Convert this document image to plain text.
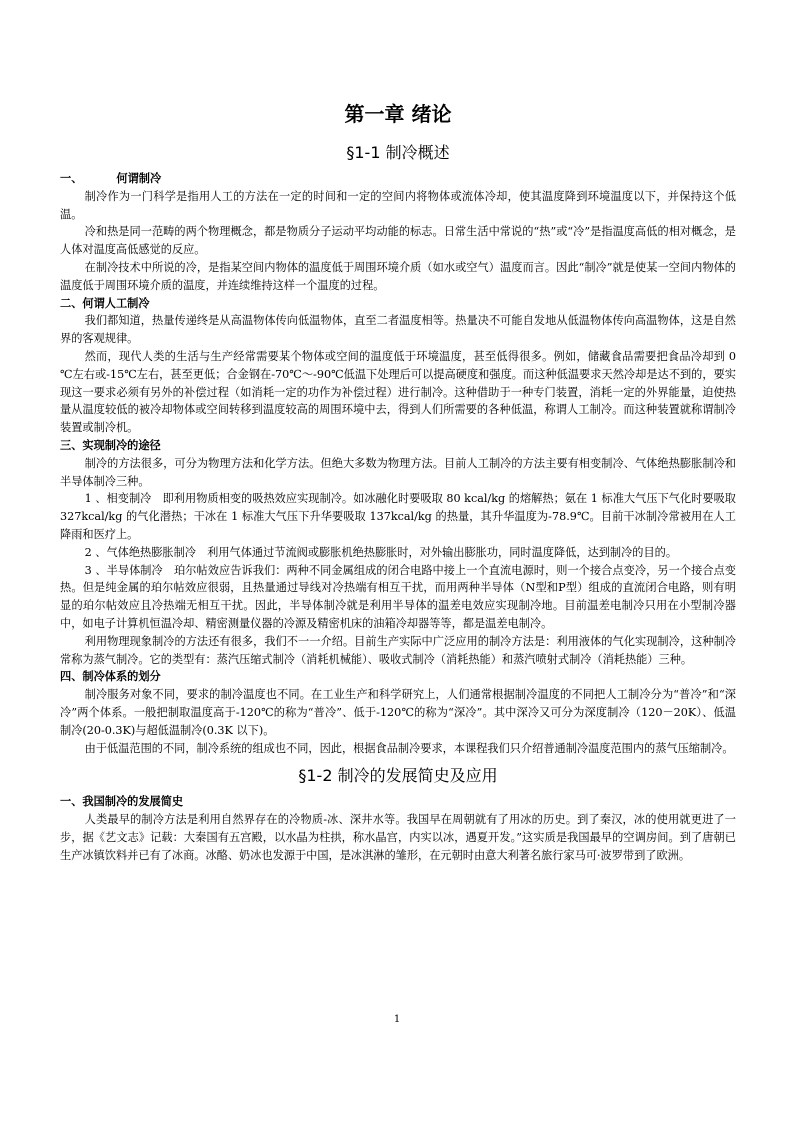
第一章 绪论
§1-1 制冷概述
一、	何谓制冷

制冷作为一门科学是指用人工的方法在一定的时间和一定的空间内将物体或流体冷却，使其温度降到环境温度以下，并保持这个低温。

冷和热是同一范畴的两个物理概念，都是物质分子运动平均动能的标志。日常生活中常说的“热”或“冷”是指温度高低的相对概念，是人体对温度高低感觉的反应。

在制冷技术中所说的冷，是指某空间内物体的温度低于周围环境介质（如水或空气）温度而言。因此“制冷”就是使某一空间内物体的温度低于周围环境介质的温度，并连续维持这样一个温度的过程。

二、何谓人工制冷

我们都知道，热量传递终是从高温物体传向低温物体，直至二者温度相等。热量决不可能自发地从低温物体传向高温物体，这是自然界的客观规律。

然而，现代人类的生活与生产经常需要某个物体或空间的温度低于环境温度，甚至低得很多。例如，储藏食品需要把食品冷却到 0 ℃左右或-15℃左右，甚至更低；合金钢在-70℃～-90℃低温下处理后可以提高硬度和强度。而这种低温要求天然冷却是达不到的，要实现这一要求必须有另外的补偿过程（如消耗一定的功作为补偿过程）进行制冷。这种借助于一种专门装置，消耗一定的外界能量，迫使热量从温度较低的被冷却物体或空间转移到温度较高的周围环境中去，得到人们所需要的各种低温，称谓人工制冷。而这种装置就称谓制冷装置或制冷机。

三、实现制冷的途径

制冷的方法很多，可分为物理方法和化学方法。但绝大多数为物理方法。目前人工制冷的方法主要有相变制冷、气体绝热膨胀制冷和半导体制冷三种。

1 、相变制冷　即利用物质相变的吸热效应实现制冷。如冰融化时要吸取 80 kcal/kg 的熔解热；氨在 1 标准大气压下气化时要吸取 327kcal/kg 的气化潜热；干冰在 1 标准大气压下升华要吸取 137kcal/kg 的热量，其升华温度为-78.9℃。目前干冰制冷常被用在人工降雨和医疗上。

2 、气体绝热膨胀制冷　利用气体通过节流阀或膨胀机绝热膨胀时，对外输出膨胀功，同时温度降低，达到制冷的目的。

3 、半导体制冷　珀尔帖效应告诉我们：两种不同金属组成的闭合电路中接上一个直流电源时，则一个接合点变冷，另一个接合点变热。但是纯金属的珀尔帖效应很弱，且热量通过导线对冷热端有相互干扰，而用两种半导体（N型和P型）组成的直流闭合电路，则有明显的珀尔帖效应且冷热端无相互干扰。因此，半导体制冷就是利用半导体的温差电效应实现制冷地。目前温差电制冷只用在小型制冷器中，如电子计算机恒温冷却、精密测量仪器的冷源及精密机床的油箱冷却器等等，都是温差电制冷。

利用物理现象制冷的方法还有很多，我们不一一介绍。目前生产实际中广泛应用的制冷方法是：利用液体的气化实现制冷，这种制冷常称为蒸气制冷。它的类型有：蒸汽压缩式制冷（消耗机械能）、吸收式制冷（消耗热能）和蒸汽喷射式制冷（消耗热能）三种。

四、制冷体系的划分

制冷服务对象不同，要求的制冷温度也不同。在工业生产和科学研究上，人们通常根据制冷温度的不同把人工制冷分为“普冷”和“深冷”两个体系。一般把制取温度高于-120℃的称为“普冷”、低于-120℃的称为“深冷”。其中深冷又可分为深度制冷（120－20K）、低温制冷(20-0.3K)与超低温制冷(0.3K 以下)。

由于低温范围的不同，制冷系统的组成也不同，因此，根据食品制冷要求，本课程我们只介绍普通制冷温度范围内的蒸气压缩制冷。

§1-2 制冷的发展简史及应用
一、我国制冷的发展简史

人类最早的制冷方法是利用自然界存在的冷物质-冰、深井水等。我国早在周朝就有了用冰的历史。到了秦汉，冰的使用就更进了一步，据《艺文志》记载：大秦国有五宫殿，以水晶为柱拱，称水晶宫，内实以冰，遇夏开发。”这实质是我国最早的空调房间。到了唐朝已生产冰镇饮料并已有了冰商。冰酪、奶冰也发源于中国，是冰淇淋的雏形，在元朝时由意大利著名旅行家马可·波罗带到了欧洲。

1
